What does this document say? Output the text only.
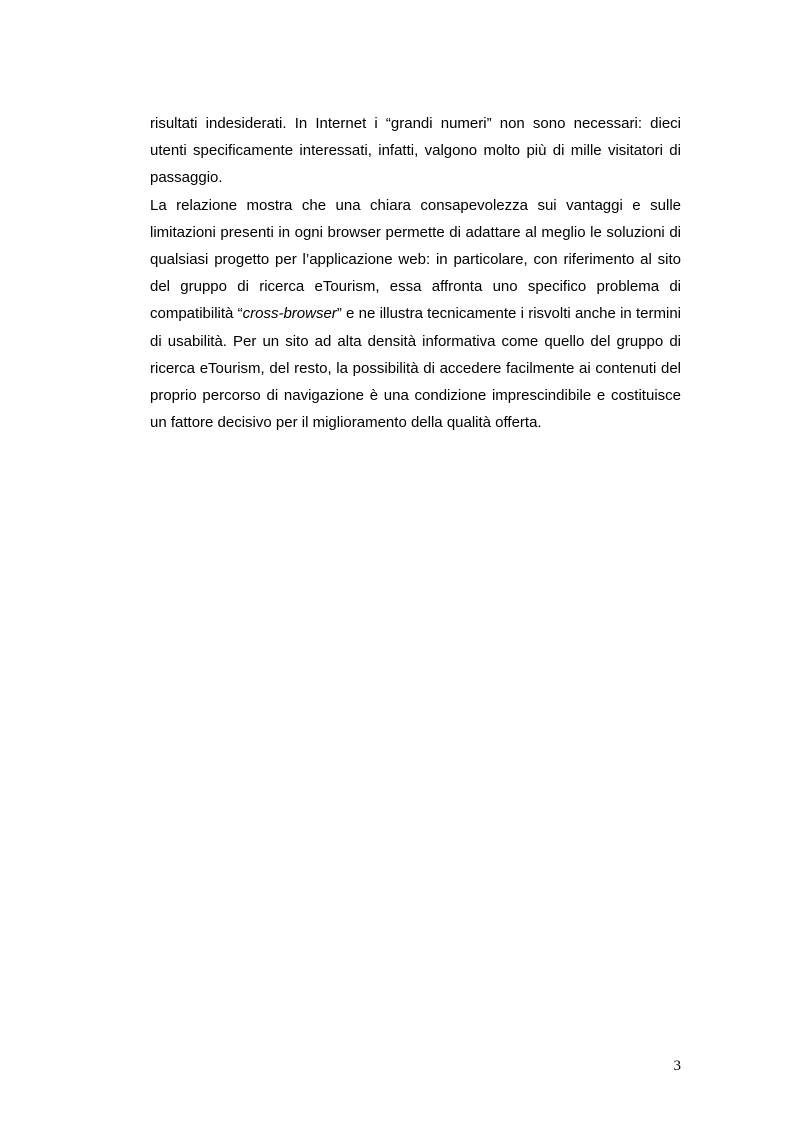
risultati indesiderati. In Internet i “grandi numeri” non sono necessari: dieci utenti specificamente interessati, infatti, valgono molto più di mille visitatori di passaggio.

La relazione mostra che una chiara consapevolezza sui vantaggi e sulle limitazioni presenti in ogni browser permette di adattare al meglio le soluzioni di qualsiasi progetto per l’applicazione web: in particolare, con riferimento al sito del gruppo di ricerca eTourism, essa affronta uno specifico problema di compatibilità “cross-browser” e ne illustra tecnicamente i risvolti anche in termini di usabilità. Per un sito ad alta densità informativa come quello del gruppo di ricerca eTourism, del resto, la possibilità di accedere facilmente ai contenuti del proprio percorso di navigazione è una condizione imprescindibile e costituisce un fattore decisivo per il miglioramento della qualità offerta.

3
